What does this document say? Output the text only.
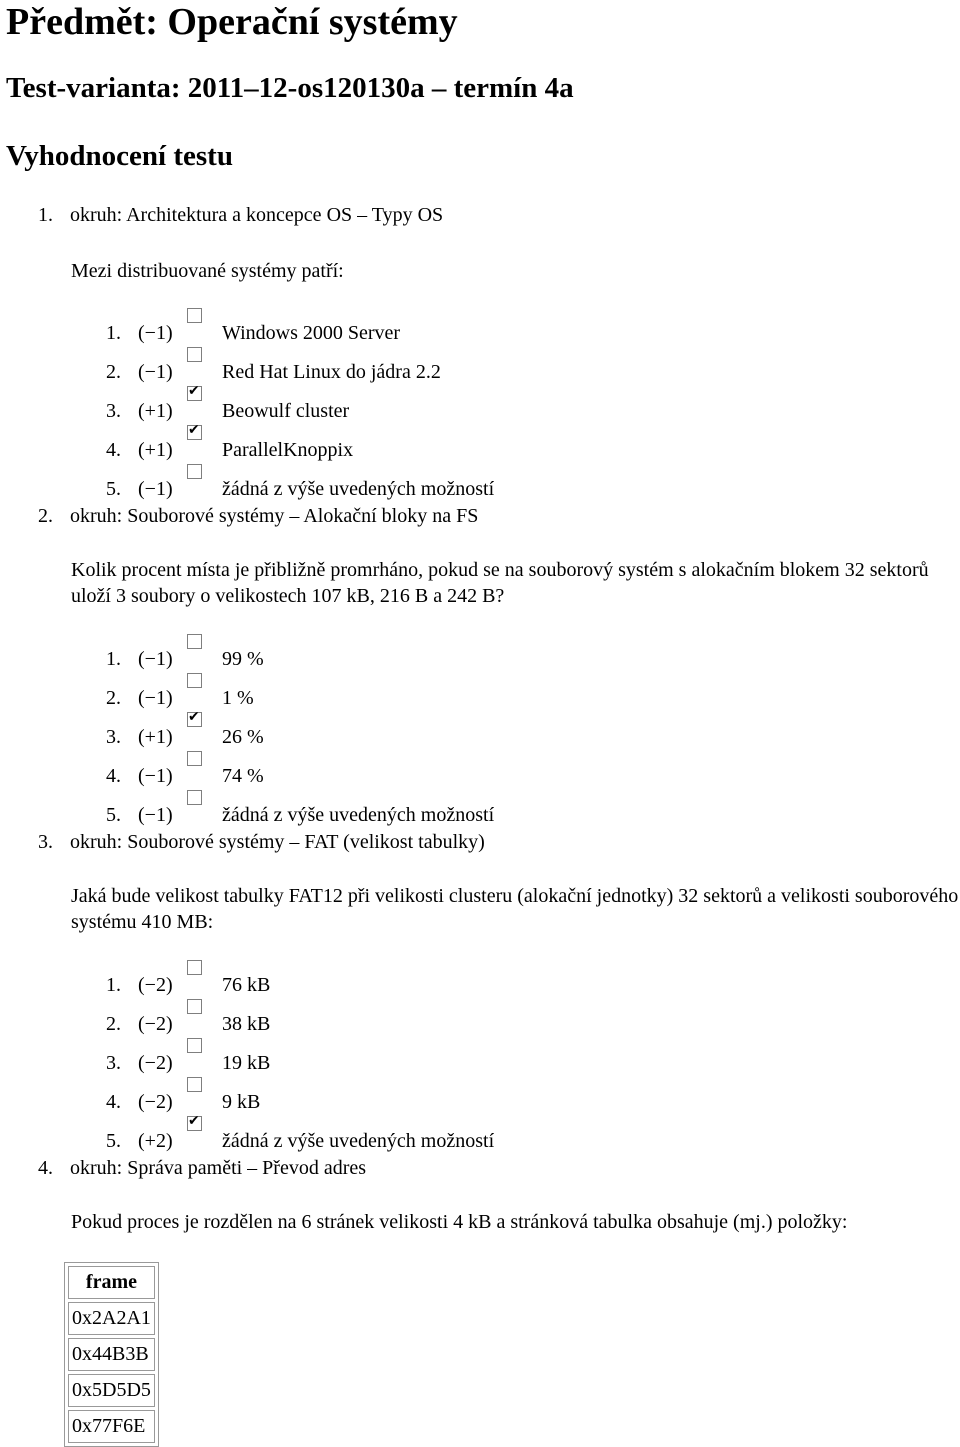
Předmět: Operační systémy
Test-varianta: 2011–12-os120130a – termín 4a
Vyhodnocení testu
1. okruh: Architektura a koncepce OS – Typy OS
Mezi distribuované systémy patří:
1. (−1) Windows 2000 Server
2. (−1) Red Hat Linux do jádra 2.2
3. (+1)
✔ Beowulf cluster
4. (+1)
✔ ParallelKnoppix
5. (−1) žádná z výše uvedených možností
2. okruh: Souborové systémy – Alokační bloky na FS
Kolik procent místa je přibližně promrháno, pokud se na souborový systém s alokačním blokem 32 sektorů uloží 3 soubory o velikostech 107 kB, 216 B a 242 B?
1. (−1) 99 %
2. (−1) 1 %
3. (+1)
✔ 26 %
4. (−1) 74 %
5. (−1) žádná z výše uvedených možností
3. okruh: Souborové systémy – FAT (velikost tabulky)
Jaká bude velikost tabulky FAT12 při velikosti clusteru (alokační jednotky) 32 sektorů a velikosti souborového systému 410 MB:
1. (−2) 76 kB
2. (−2) 38 kB
3. (−2) 19 kB
4. (−2) 9 kB
5. (+2)
✔ žádná z výše uvedených možností
4. okruh: Správa paměti – Převod adres
Pokud proces je rozdělen na 6 stránek velikosti 4 kB a stránková tabulka obsahuje (mj.) položky:
frame
0x2A2A1
0x44B3B
0x5D5D5
0x77F6E
